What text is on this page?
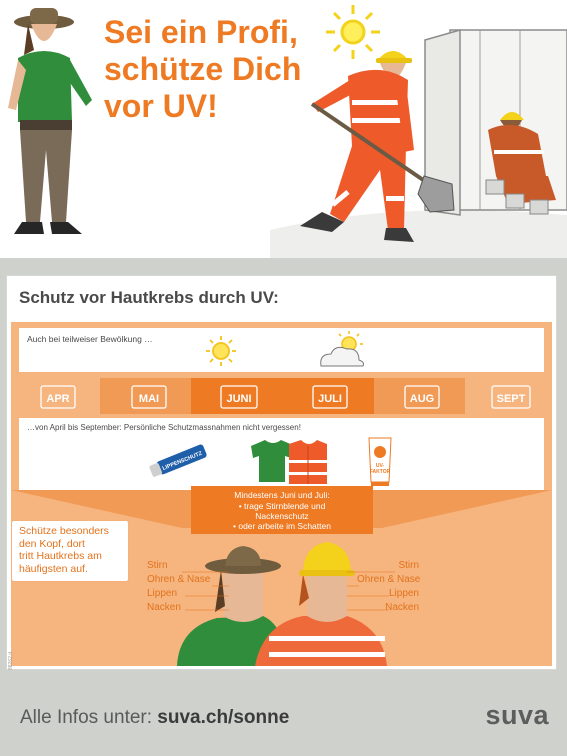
Sei ein Profi,
schütze Dich
vor UV!
Auch bei teilweiser Bewölkung …
APR	MAI	JUNI	JULI	AUG	SEPT
…von April bis September: Persönliche Schutzmassnahmen nicht vergessen!
LIPPENSCHUTZ	UV-
FAKTOR
Mindestens Juni und Juli:
• trage Stirnblende und
Nackenschutz
• oder arbeite im Schatten
Schutz vor Hautkrebs durch UV:
Schütze besonders
den Kopf, dort
tritt Hautkrebs am
häufigsten auf.	Stirn
Ohren & Nase
Lippen
Nacken
Stirn
Ohren & Nase
Lippen
Nacken
88262.d
Alle Infos unter: suva.ch/sonne	suva
